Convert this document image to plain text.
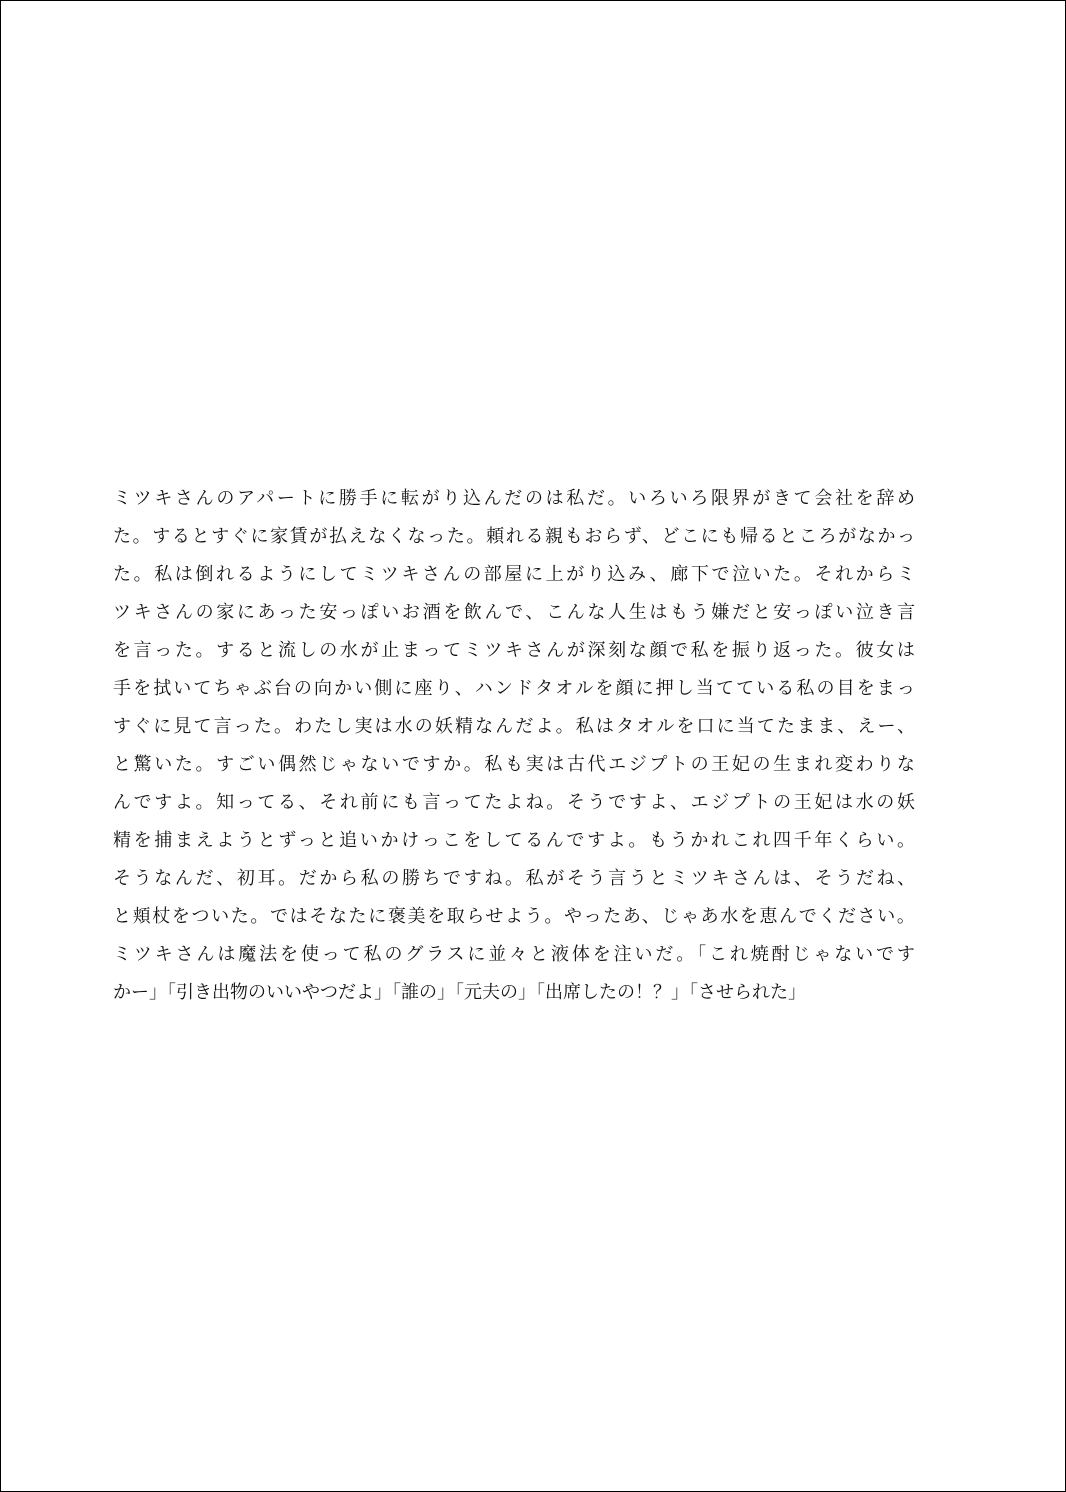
ミツキさんのアパートに勝手に転がり込んだのは私だ。いろいろ限界がきて会社を辞め
た。するとすぐに家賃が払えなくなった。頼れる親もおらず、どこにも帰るところがなかっ
た。私は倒れるようにしてミツキさんの部屋に上がり込み、廊下で泣いた。それからミ
ツキさんの家にあった安っぽいお酒を飲んで、こんな人生はもう嫌だと安っぽい泣き言
を言った。すると流しの水が止まってミツキさんが深刻な顔で私を振り返った。彼女は
手を拭いてちゃぶ台の向かい側に座り、ハンドタオルを顔に押し当てている私の目をまっ
すぐに見て言った。わたし実は水の妖精なんだよ。私はタオルを口に当てたまま、えー、
と驚いた。すごい偶然じゃないですか。私も実は古代エジプトの王妃の生まれ変わりな
んですよ。知ってる、それ前にも言ってたよね。そうですよ、エジプトの王妃は水の妖
精を捕まえようとずっと追いかけっこをしてるんですよ。もうかれこれ四千年くらい。
そうなんだ、初耳。だから私の勝ちですね。私がそう言うとミツキさんは、そうだね、
と頬杖をついた。ではそなたに褒美を取らせよう。やったあ、じゃあ水を恵んでください。
ミツキさんは魔法を使って私のグラスに並々と液体を注いだ。「これ焼酎じゃないです
かー」「引き出物のいいやつだよ」「誰の」「元夫の」「出席したの！？」「させられた」
